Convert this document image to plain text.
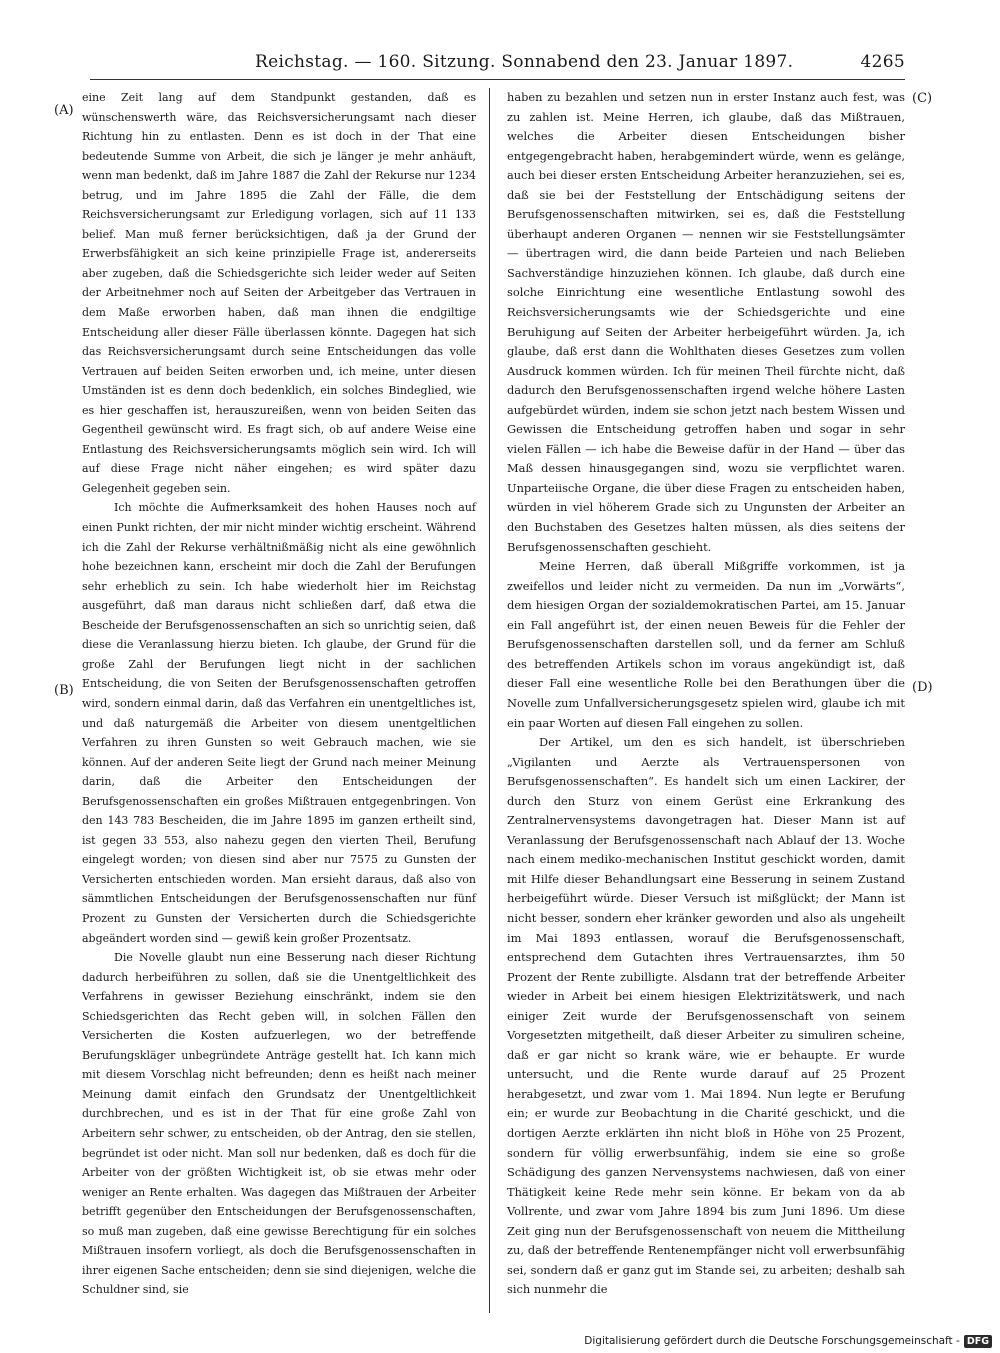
Reichstag. — 160. Sitzung. Sonnabend den 23. Januar 1897.	4265
(A)
(B)
(C)
(D)

eine Zeit lang auf dem Standpunkt gestanden, daß es wünschenswerth wäre, das Reichsversicherungsamt nach dieser Richtung hin zu entlasten. Denn es ist doch in der That eine bedeutende Summe von Arbeit, die sich je länger je mehr anhäuft, wenn man bedenkt, daß im Jahre 1887 die Zahl der Rekurse nur 1234 betrug, und im Jahre 1895 die Zahl der Fälle, die dem Reichsversicherungsamt zur Erledigung vorlagen, sich auf 11 133 belief. Man muß ferner berücksichtigen, daß ja der Grund der Erwerbsfähigkeit an sich keine prinzipielle Frage ist, andererseits aber zugeben, daß die Schiedsgerichte sich leider weder auf Seiten der Arbeitnehmer noch auf Seiten der Arbeitgeber das Vertrauen in dem Maße erworben haben, daß man ihnen die endgiltige Entscheidung aller dieser Fälle überlassen könnte. Dagegen hat sich das Reichsversicherungsamt durch seine Entscheidungen das volle Vertrauen auf beiden Seiten erworben und, ich meine, unter diesen Umständen ist es denn doch bedenklich, ein solches Bindeglied, wie es hier geschaffen ist, herauszureißen, wenn von beiden Seiten das Gegentheil gewünscht wird. Es fragt sich, ob auf andere Weise eine Entlastung des Reichsversicherungsamts möglich sein wird. Ich will auf diese Frage nicht näher eingehen; es wird später dazu Gelegenheit gegeben sein.

Ich möchte die Aufmerksamkeit des hohen Hauses noch auf einen Punkt richten, der mir nicht minder wichtig erscheint. Während ich die Zahl der Rekurse verhältnißmäßig nicht als eine gewöhnlich hohe bezeichnen kann, erscheint mir doch die Zahl der Berufungen sehr erheblich zu sein. Ich habe wiederholt hier im Reichstag ausgeführt, daß man daraus nicht schließen darf, daß etwa die Bescheide der Berufsgenossenschaften an sich so unrichtig seien, daß diese die Veranlassung hierzu bieten. Ich glaube, der Grund für die große Zahl der Berufungen liegt nicht in der sachlichen Entscheidung, die von Seiten der Berufsgenossenschaften getroffen wird, sondern einmal darin, daß das Verfahren ein unentgeltliches ist, und daß naturgemäß die Arbeiter von diesem unentgeltlichen Verfahren zu ihren Gunsten so weit Gebrauch machen, wie sie können. Auf der anderen Seite liegt der Grund nach meiner Meinung darin, daß die Arbeiter den Entscheidungen der Berufsgenossenschaften ein großes Mißtrauen entgegenbringen. Von den 143 783 Bescheiden, die im Jahre 1895 im ganzen ertheilt sind, ist gegen 33 553, also nahezu gegen den vierten Theil, Berufung eingelegt worden; von diesen sind aber nur 7575 zu Gunsten der Versicherten entschieden worden. Man ersieht daraus, daß also von sämmtlichen Entscheidungen der Berufsgenossenschaften nur fünf Prozent zu Gunsten der Versicherten durch die Schiedsgerichte abgeändert worden sind — gewiß kein großer Prozentsatz.

Die Novelle glaubt nun eine Besserung nach dieser Richtung dadurch herbeiführen zu sollen, daß sie die Unentgeltlichkeit des Verfahrens in gewisser Beziehung einschränkt, indem sie den Schiedsgerichten das Recht geben will, in solchen Fällen den Versicherten die Kosten aufzuerlegen, wo der betreffende Berufungskläger unbegründete Anträge gestellt hat. Ich kann mich mit diesem Vorschlag nicht befreunden; denn es heißt nach meiner Meinung damit einfach den Grundsatz der Unentgeltlichkeit durchbrechen, und es ist in der That für eine große Zahl von Arbeitern sehr schwer, zu entscheiden, ob der Antrag, den sie stellen, begründet ist oder nicht. Man soll nur bedenken, daß es doch für die Arbeiter von der größten Wichtigkeit ist, ob sie etwas mehr oder weniger an Rente erhalten. Was dagegen das Mißtrauen der Arbeiter betrifft gegenüber den Entscheidungen der Berufsgenossenschaften, so muß man zugeben, daß eine gewisse Berechtigung für ein solches Mißtrauen insofern vorliegt, als doch die Berufsgenossenschaften in ihrer eigenen Sache entscheiden; denn sie sind diejenigen, welche die Schuldner sind, sie

haben zu bezahlen und setzen nun in erster Instanz auch fest, was zu zahlen ist. Meine Herren, ich glaube, daß das Mißtrauen, welches die Arbeiter diesen Entscheidungen bisher entgegengebracht haben, herabgemindert würde, wenn es gelänge, auch bei dieser ersten Entscheidung Arbeiter heranzuziehen, sei es, daß sie bei der Feststellung der Entschädigung seitens der Berufsgenossenschaften mitwirken, sei es, daß die Feststellung überhaupt anderen Organen — nennen wir sie Feststellungsämter — übertragen wird, die dann beide Parteien und nach Belieben Sachverständige hinzuziehen können. Ich glaube, daß durch eine solche Einrichtung eine wesentliche Entlastung sowohl des Reichsversicherungsamts wie der Schiedsgerichte und eine Beruhigung auf Seiten der Arbeiter herbeigeführt würden. Ja, ich glaube, daß erst dann die Wohlthaten dieses Gesetzes zum vollen Ausdruck kommen würden. Ich für meinen Theil fürchte nicht, daß dadurch den Berufsgenossenschaften irgend welche höhere Lasten aufgebürdet würden, indem sie schon jetzt nach bestem Wissen und Gewissen die Entscheidung getroffen haben und sogar in sehr vielen Fällen — ich habe die Beweise dafür in der Hand — über das Maß dessen hinausgegangen sind, wozu sie verpflichtet waren. Unparteiische Organe, die über diese Fragen zu entscheiden haben, würden in viel höherem Grade sich zu Ungunsten der Arbeiter an den Buchstaben des Gesetzes halten müssen, als dies seitens der Berufsgenossenschaften geschieht.

Meine Herren, daß überall Mißgriffe vorkommen, ist ja zweifellos und leider nicht zu vermeiden. Da nun im „Vorwärts“, dem hiesigen Organ der sozialdemokratischen Partei, am 15. Januar ein Fall angeführt ist, der einen neuen Beweis für die Fehler der Berufsgenossenschaften darstellen soll, und da ferner am Schluß des betreffenden Artikels schon im voraus angekündigt ist, daß dieser Fall eine wesentliche Rolle bei den Berathungen über die Novelle zum Unfallversicherungsgesetz spielen wird, glaube ich mit ein paar Worten auf diesen Fall eingehen zu sollen.

Der Artikel, um den es sich handelt, ist überschrieben „Vigilanten und Aerzte als Vertrauenspersonen von Berufsgenossenschaften“. Es handelt sich um einen Lackirer, der durch den Sturz von einem Gerüst eine Erkrankung des Zentralnervensystems davongetragen hat. Dieser Mann ist auf Veranlassung der Berufsgenossenschaft nach Ablauf der 13. Woche nach einem mediko-mechanischen Institut geschickt worden, damit mit Hilfe dieser Behandlungsart eine Besserung in seinem Zustand herbeigeführt würde. Dieser Versuch ist mißglückt; der Mann ist nicht besser, sondern eher kränker geworden und also als ungeheilt im Mai 1893 entlassen, worauf die Berufsgenossenschaft, entsprechend dem Gutachten ihres Vertrauensarztes, ihm 50 Prozent der Rente zubilligte. Alsdann trat der betreffende Arbeiter wieder in Arbeit bei einem hiesigen Elektrizitätswerk, und nach einiger Zeit wurde der Berufsgenossenschaft von seinem Vorgesetzten mitgetheilt, daß dieser Arbeiter zu simuliren scheine, daß er gar nicht so krank wäre, wie er behaupte. Er wurde untersucht, und die Rente wurde darauf auf 25 Prozent herabgesetzt, und zwar vom 1. Mai 1894. Nun legte er Berufung ein; er wurde zur Beobachtung in die Charité geschickt, und die dortigen Aerzte erklärten ihn nicht bloß in Höhe von 25 Prozent, sondern für völlig erwerbsunfähig, indem sie eine so große Schädigung des ganzen Nervensystems nachwiesen, daß von einer Thätigkeit keine Rede mehr sein könne. Er bekam von da ab Vollrente, und zwar vom Jahre 1894 bis zum Juni 1896. Um diese Zeit ging nun der Berufsgenossenschaft von neuem die Mittheilung zu, daß der betreffende Rentenempfänger nicht voll erwerbsunfähig sei, sondern daß er ganz gut im Stande sei, zu arbeiten; deshalb sah sich nunmehr die

Digitalisierung gefördert durch die Deutsche Forschungsgemeinschaft - DFG
